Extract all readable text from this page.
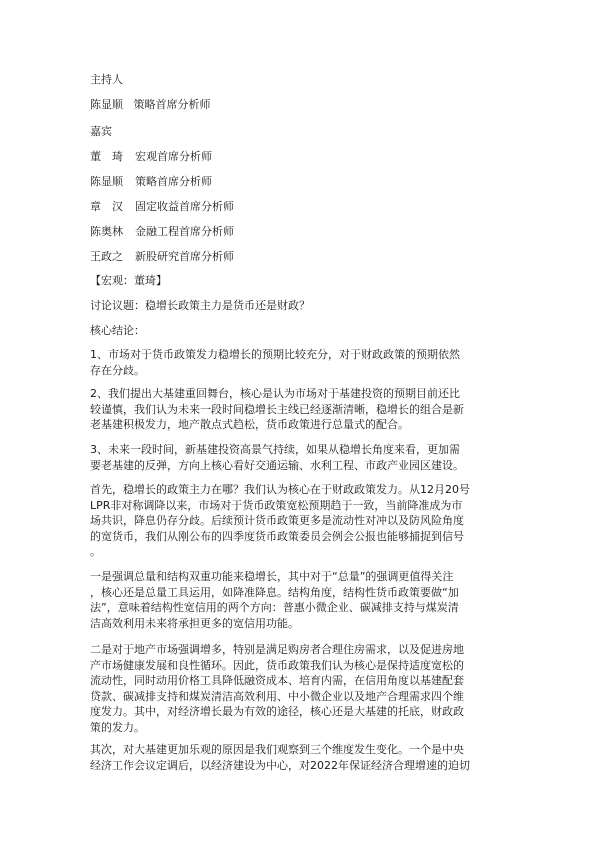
主持人
陈显顺 策略首席分析师
嘉宾
董　琦 宏观首席分析师
陈显顺 策略首席分析师
章　汉 固定收益首席分析师
陈奥林 金融工程首席分析师
王政之 新股研究首席分析师
【宏观：董琦】
讨论议题：稳增长政策主力是货币还是财政？
核心结论：
1、市场对于货币政策发力稳增长的预期比较充分，对于财政政策的预期依然
存在分歧。
2、我们提出大基建重回舞台，核心是认为市场对于基建投资的预期目前还比
较谨慎，我们认为未来一段时间稳增长主线已经逐渐清晰，稳增长的组合是新
老基建积极发力，地产散点式趋松，货币政策进行总量式的配合。
3、未来一段时间，新基建投资高景气持续，如果从稳增长角度来看，更加需
要老基建的反弹，方向上核心看好交通运输、水利工程、市政产业园区建设。
首先，稳增长的政策主力在哪？我们认为核心在于财政政策发力。从12月20号
LPR非对称调降以来，市场对于货币政策宽松预期趋于一致，当前降准成为市
场共识，降息仍存分歧。后续预计货币政策更多是流动性对冲以及防风险角度
的宽货币，我们从刚公布的四季度货币政策委员会例会公报也能够捕捉到信号
。
一是强调总量和结构双重功能来稳增长，其中对于“总量”的强调更值得关注
，核心还是总量工具运用，如降准降息。结构角度，结构性货币政策要做“加
法”，意味着结构性宽信用的两个方向：普惠小微企业、碳减排支持与煤炭清
洁高效利用未来将承担更多的宽信用功能。
二是对于地产市场强调增多，特别是满足购房者合理住房需求，以及促进房地
产市场健康发展和良性循环。因此，货币政策我们认为核心是保持适度宽松的
流动性，同时动用价格工具降低融资成本、培育内需，在信用角度以基建配套
贷款、碳减排支持和煤炭清洁高效利用、中小微企业以及地产合理需求四个维
度发力。其中，对经济增长最为有效的途径，核心还是大基建的托底，财政政
策的发力。
其次，对大基建更加乐观的原因是我们观察到三个维度发生变化。一个是中央
经济工作会议定调后，以经济建设为中心，对2022年保证经济合理增速的迫切
